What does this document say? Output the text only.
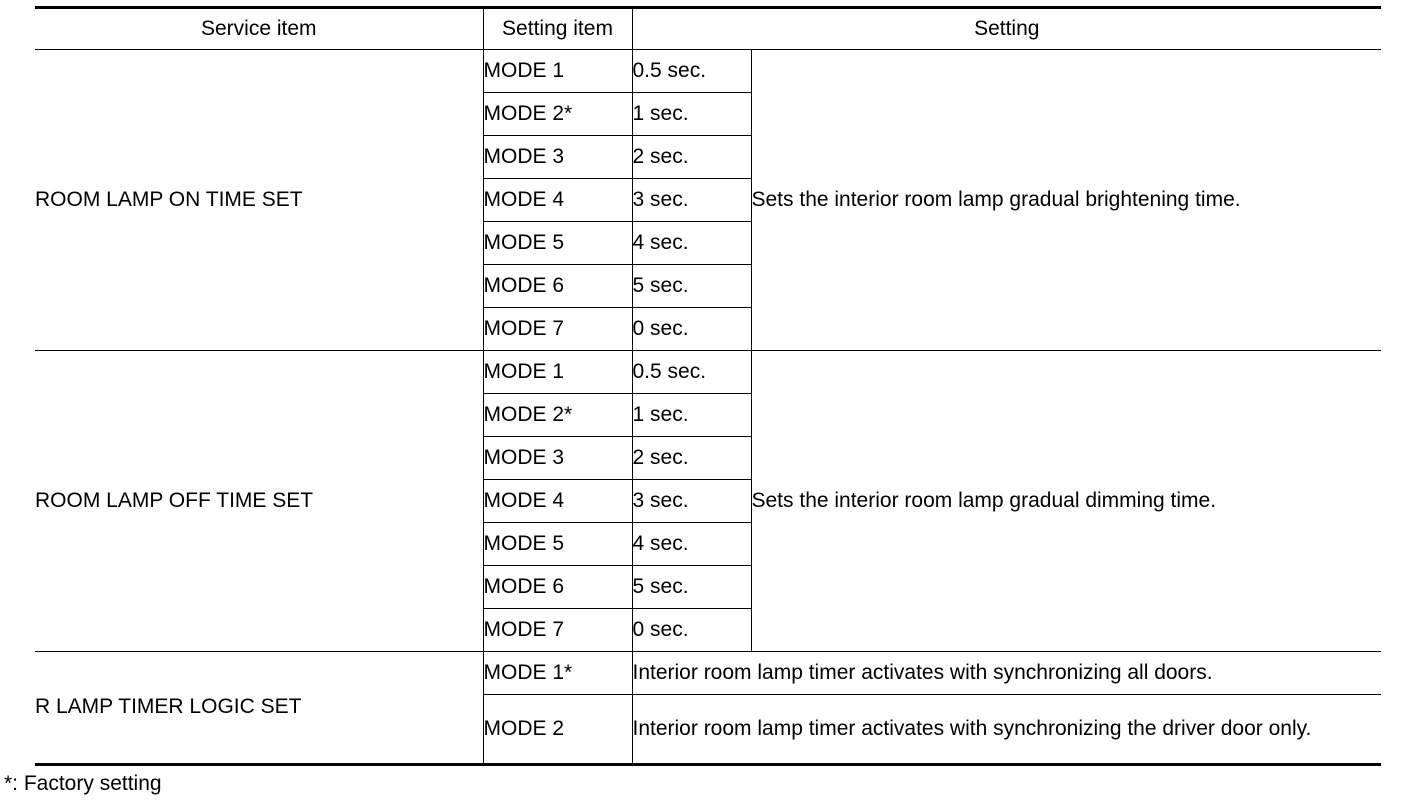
Service item	Setting item	Setting	
ROOM LAMP ON TIME SET	MODE 1	0.5 sec.	Sets the interior room lamp gradual brightening time.
	MODE 2*	1 sec.	
	MODE 3	2 sec.	
	MODE 4	3 sec.	
	MODE 5	4 sec.	
	MODE 6	5 sec.	
	MODE 7	0 sec.	
ROOM LAMP OFF TIME SET	MODE 1	0.5 sec.	Sets the interior room lamp gradual dimming time.
	MODE 2*	1 sec.	
	MODE 3	2 sec.	
	MODE 4	3 sec.	
	MODE 5	4 sec.	
	MODE 6	5 sec.	
	MODE 7	0 sec.	
R LAMP TIMER LOGIC SET	MODE 1*	Interior room lamp timer activates with synchronizing all doors.	
	MODE 2	Interior room lamp timer activates with synchronizing the driver door only.	
*: Factory setting
